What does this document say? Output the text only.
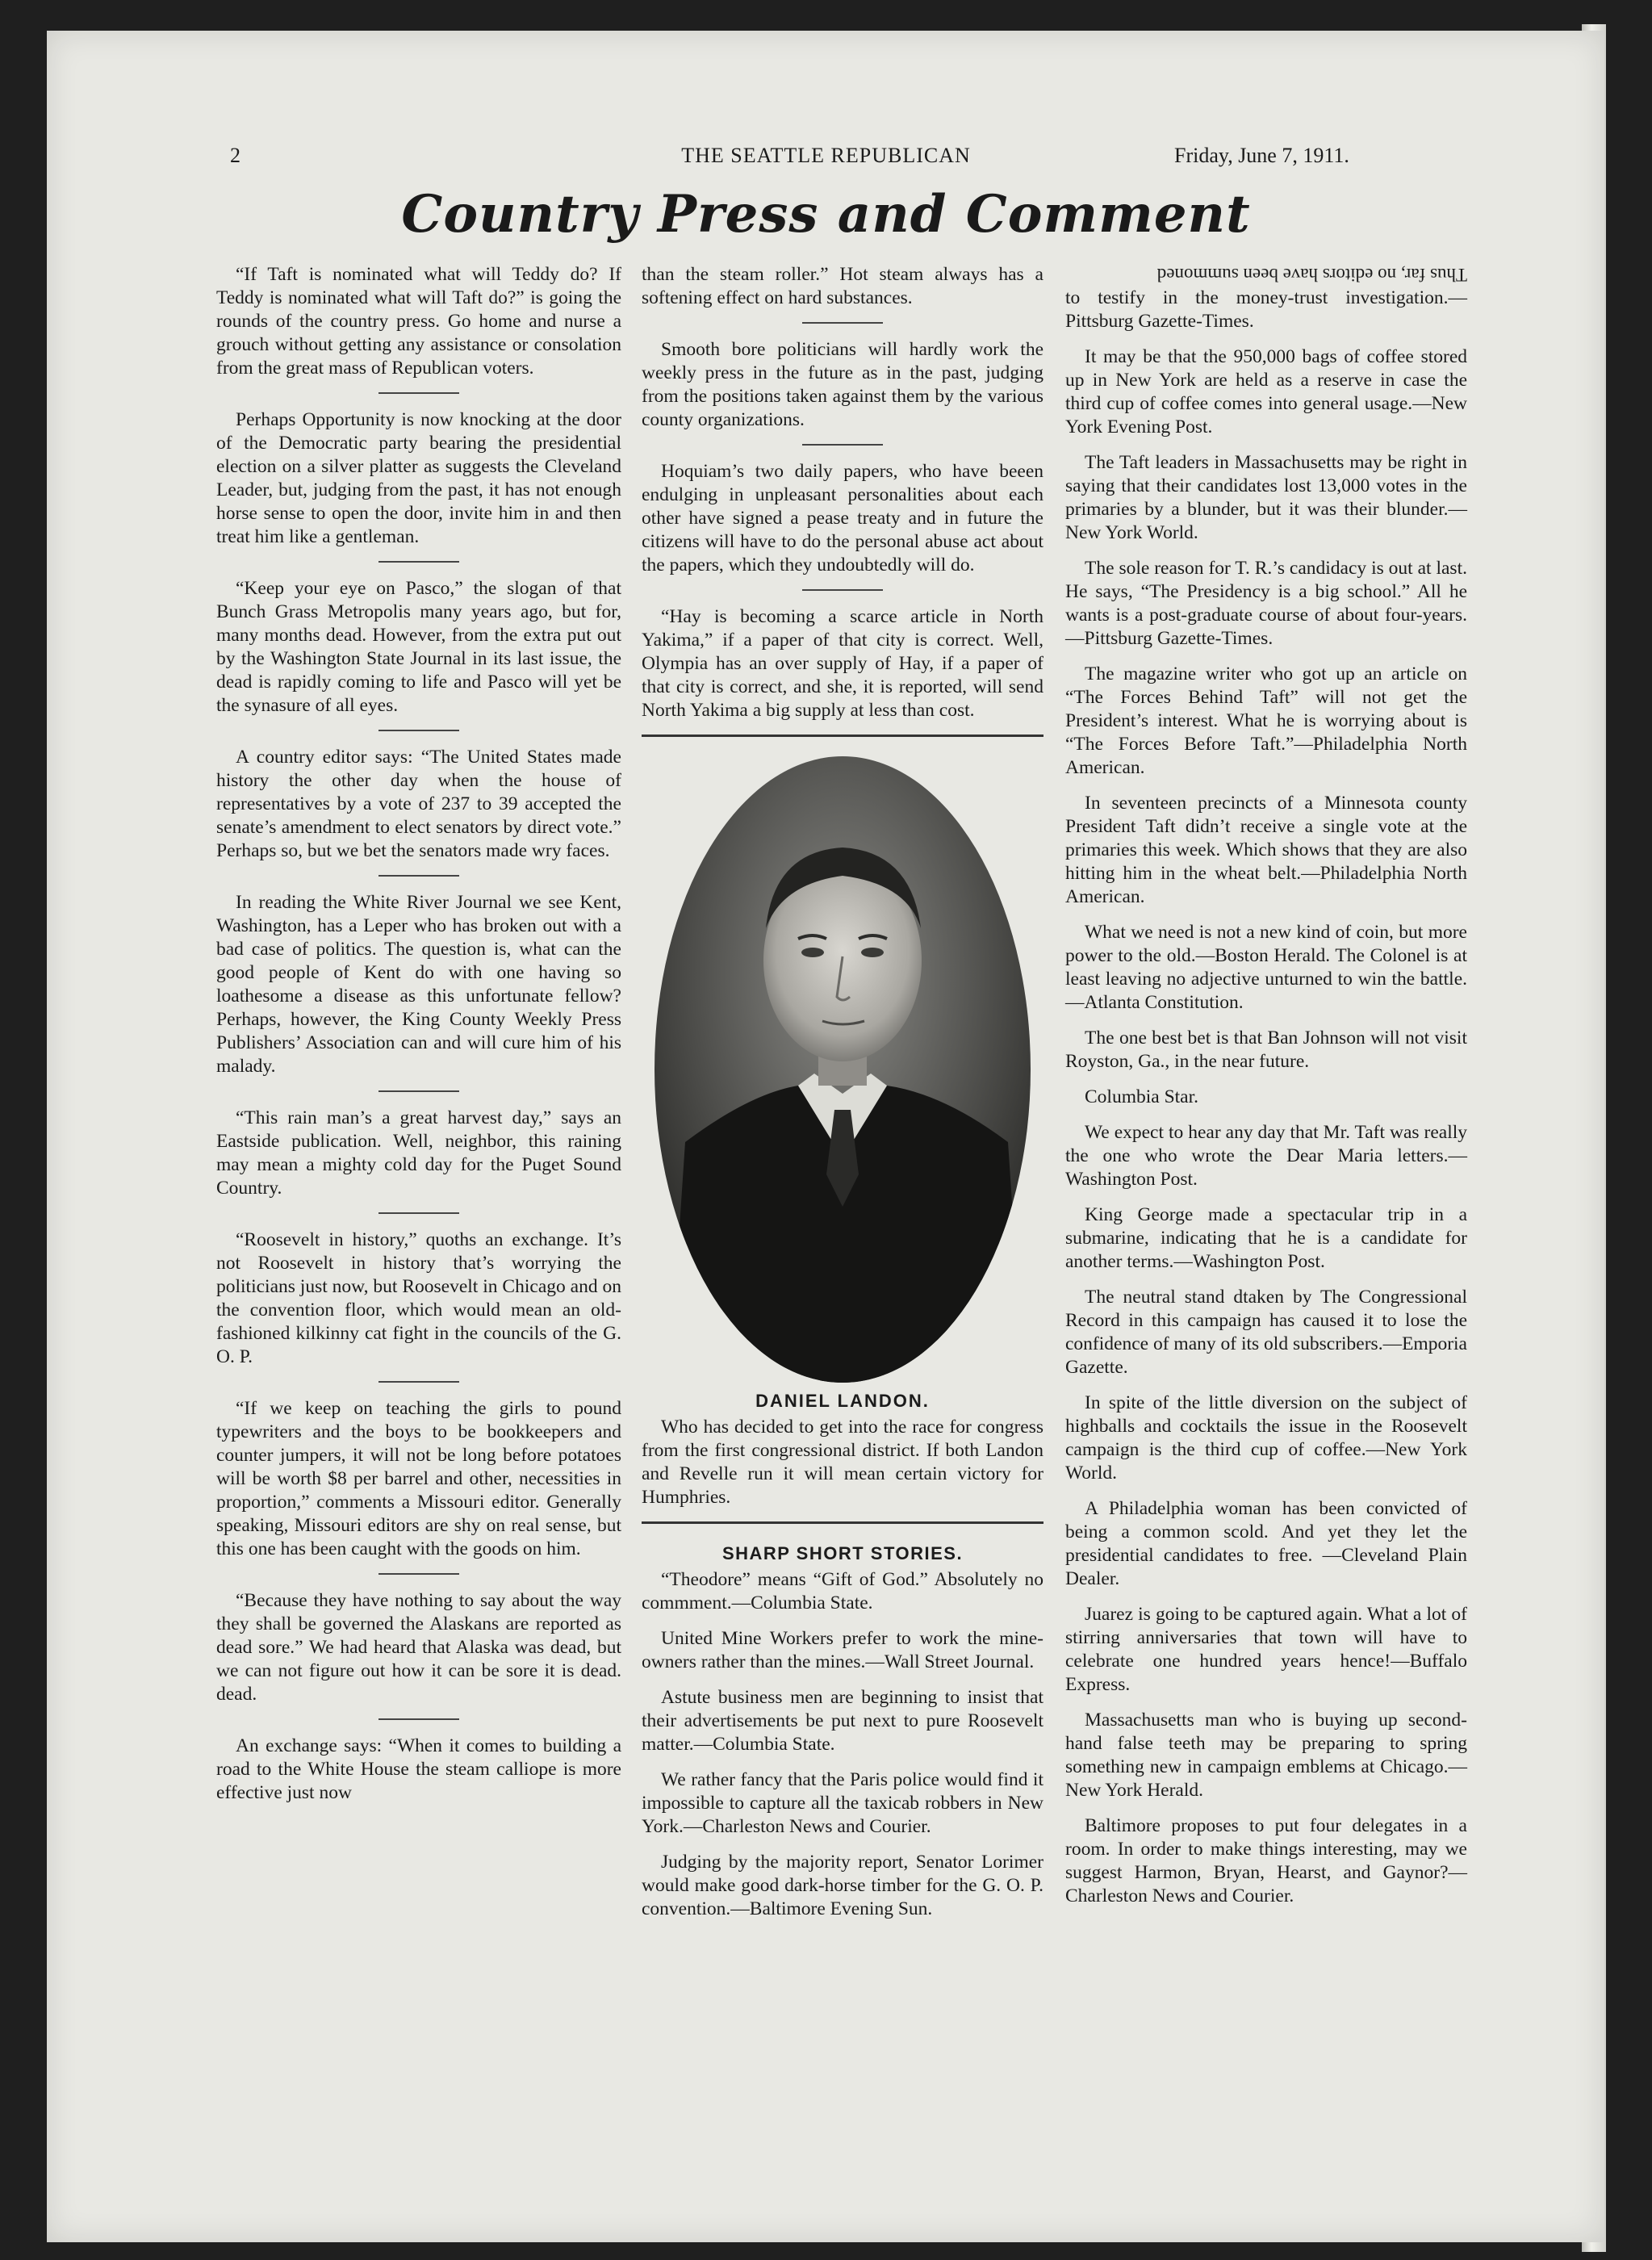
2	THE SEATTLE REPUBLICAN	Friday, June 7, 1911.
Country Press and Comment

“If Taft is nominated what will Teddy do? If Teddy is nominated what will Taft do?” is going the rounds of the country press. Go home and nurse a grouch without getting any assistance or consolation from the great mass of Republican voters.

Perhaps Opportunity is now knocking at the door of the Democratic party bearing the presidential election on a silver platter as suggests the Cleveland Leader, but, judging from the past, it has not enough horse sense to open the door, invite him in and then treat him like a gentleman.

“Keep your eye on Pasco,” the slogan of that Bunch Grass Metropolis many years ago, but for, many months dead. However, from the extra put out by the Washington State Journal in its last issue, the dead is rapidly coming to life and Pasco will yet be the synasure of all eyes.

A country editor says: “The United States made history the other day when the house of representatives by a vote of 237 to 39 accepted the senate’s amendment to elect senators by direct vote.” Perhaps so, but we bet the senators made wry faces.

In reading the White River Journal we see Kent, Washington, has a Leper who has broken out with a bad case of politics. The question is, what can the good people of Kent do with one having so loathesome a disease as this unfortunate fellow? Perhaps, however, the King County Weekly Press Publishers’ Association can and will cure him of his malady.

“This rain man’s a great harvest day,” says an Eastside publication. Well, neighbor, this raining may mean a mighty cold day for the Puget Sound Country.

“Roosevelt in history,” quoths an exchange. It’s not Roosevelt in history that’s worrying the politicians just now, but Roosevelt in Chicago and on the convention floor, which would mean an old-fashioned kilkinny cat fight in the councils of the G. O. P.

“If we keep on teaching the girls to pound typewriters and the boys to be bookkeepers and counter jumpers, it will not be long before potatoes will be worth $8 per barrel and other, necessities in proportion,” comments a Missouri editor. Generally speaking, Missouri editors are shy on real sense, but this one has been caught with the goods on him.

“Because they have nothing to say about the way they shall be governed the Alaskans are reported as dead sore.” We had heard that Alaska was dead, but we can not figure out how it can be sore it is dead. dead.

An exchange says: “When it comes to building a road to the White House the steam calliope is more effective just now

than the steam roller.” Hot steam always has a softening effect on hard substances.

Smooth bore politicians will hardly work the weekly press in the future as in the past, judging from the positions taken against them by the various county organizations.

Hoquiam’s two daily papers, who have beeen endulging in unpleasant personalities about each other have signed a pease treaty and in future the citizens will have to do the personal abuse act about the papers, which they undoubtedly will do.

“Hay is becoming a scarce article in North Yakima,” if a paper of that city is correct. Well, Olympia has an over supply of Hay, if a paper of that city is correct, and she, it is reported, will send North Yakima a big supply at less than cost.

DANIEL LANDON.

Who has decided to get into the race for congress from the first congressional district. If both Landon and Revelle run it will mean certain victory for Humphries.

SHARP SHORT STORIES.

“Theodore” means “Gift of God.” Absolutely no commment.—Columbia State.

United Mine Workers prefer to work the mine-owners rather than the mines.—Wall Street Journal.

Astute business men are beginning to insist that their advertisements be put next to pure Roosevelt matter.—Columbia State.

We rather fancy that the Paris police would find it impossible to capture all the taxicab robbers in New York.—Charleston News and Courier.

Judging by the majority report, Senator Lorimer would make good dark-horse timber for the G. O. P. convention.—Baltimore Evening Sun.

Thus far, no editors have been summoned

to testify in the money-trust investigation.—Pittsburg Gazette-Times.

It may be that the 950,000 bags of coffee stored up in New York are held as a reserve in case the third cup of coffee comes into general usage.—New York Evening Post.

The Taft leaders in Massachusetts may be right in saying that their candidates lost 13,000 votes in the primaries by a blunder, but it was their blunder.—New York World.

The sole reason for T. R.’s candidacy is out at last. He says, “The Presidency is a big school.” All he wants is a post-graduate course of about four-years.—Pittsburg Gazette-Times.

The magazine writer who got up an article on “The Forces Behind Taft” will not get the President’s interest. What he is worrying about is “The Forces Before Taft.”—Philadelphia North American.

In seventeen precincts of a Minnesota county President Taft didn’t receive a single vote at the primaries this week. Which shows that they are also hitting him in the wheat belt.—Philadelphia North American.

What we need is not a new kind of coin, but more power to the old.—Boston Herald. The Colonel is at least leaving no adjective unturned to win the battle.—Atlanta Constitution.

The one best bet is that Ban Johnson will not visit Royston, Ga., in the near future.

Columbia Star.

We expect to hear any day that Mr. Taft was really the one who wrote the Dear Maria letters.—Washington Post.

King George made a spectacular trip in a submarine, indicating that he is a candidate for another terms.—Washington Post.

The neutral stand dtaken by The Congressional Record in this campaign has caused it to lose the confidence of many of its old subscribers.—Emporia Gazette.

In spite of the little diversion on the subject of highballs and cocktails the issue in the Roosevelt campaign is the third cup of coffee.—New York World.

A Philadelphia woman has been convicted of being a common scold. And yet they let the presidential candidates to free. —Cleveland Plain Dealer.

Juarez is going to be captured again. What a lot of stirring anniversaries that town will have to celebrate one hundred years hence!—Buffalo Express.

Massachusetts man who is buying up second-hand false teeth may be preparing to spring something new in campaign emblems at Chicago.—New York Herald.

Baltimore proposes to put four delegates in a room. In order to make things interesting, may we suggest Harmon, Bryan, Hearst, and Gaynor?—Charleston News and Courier.
